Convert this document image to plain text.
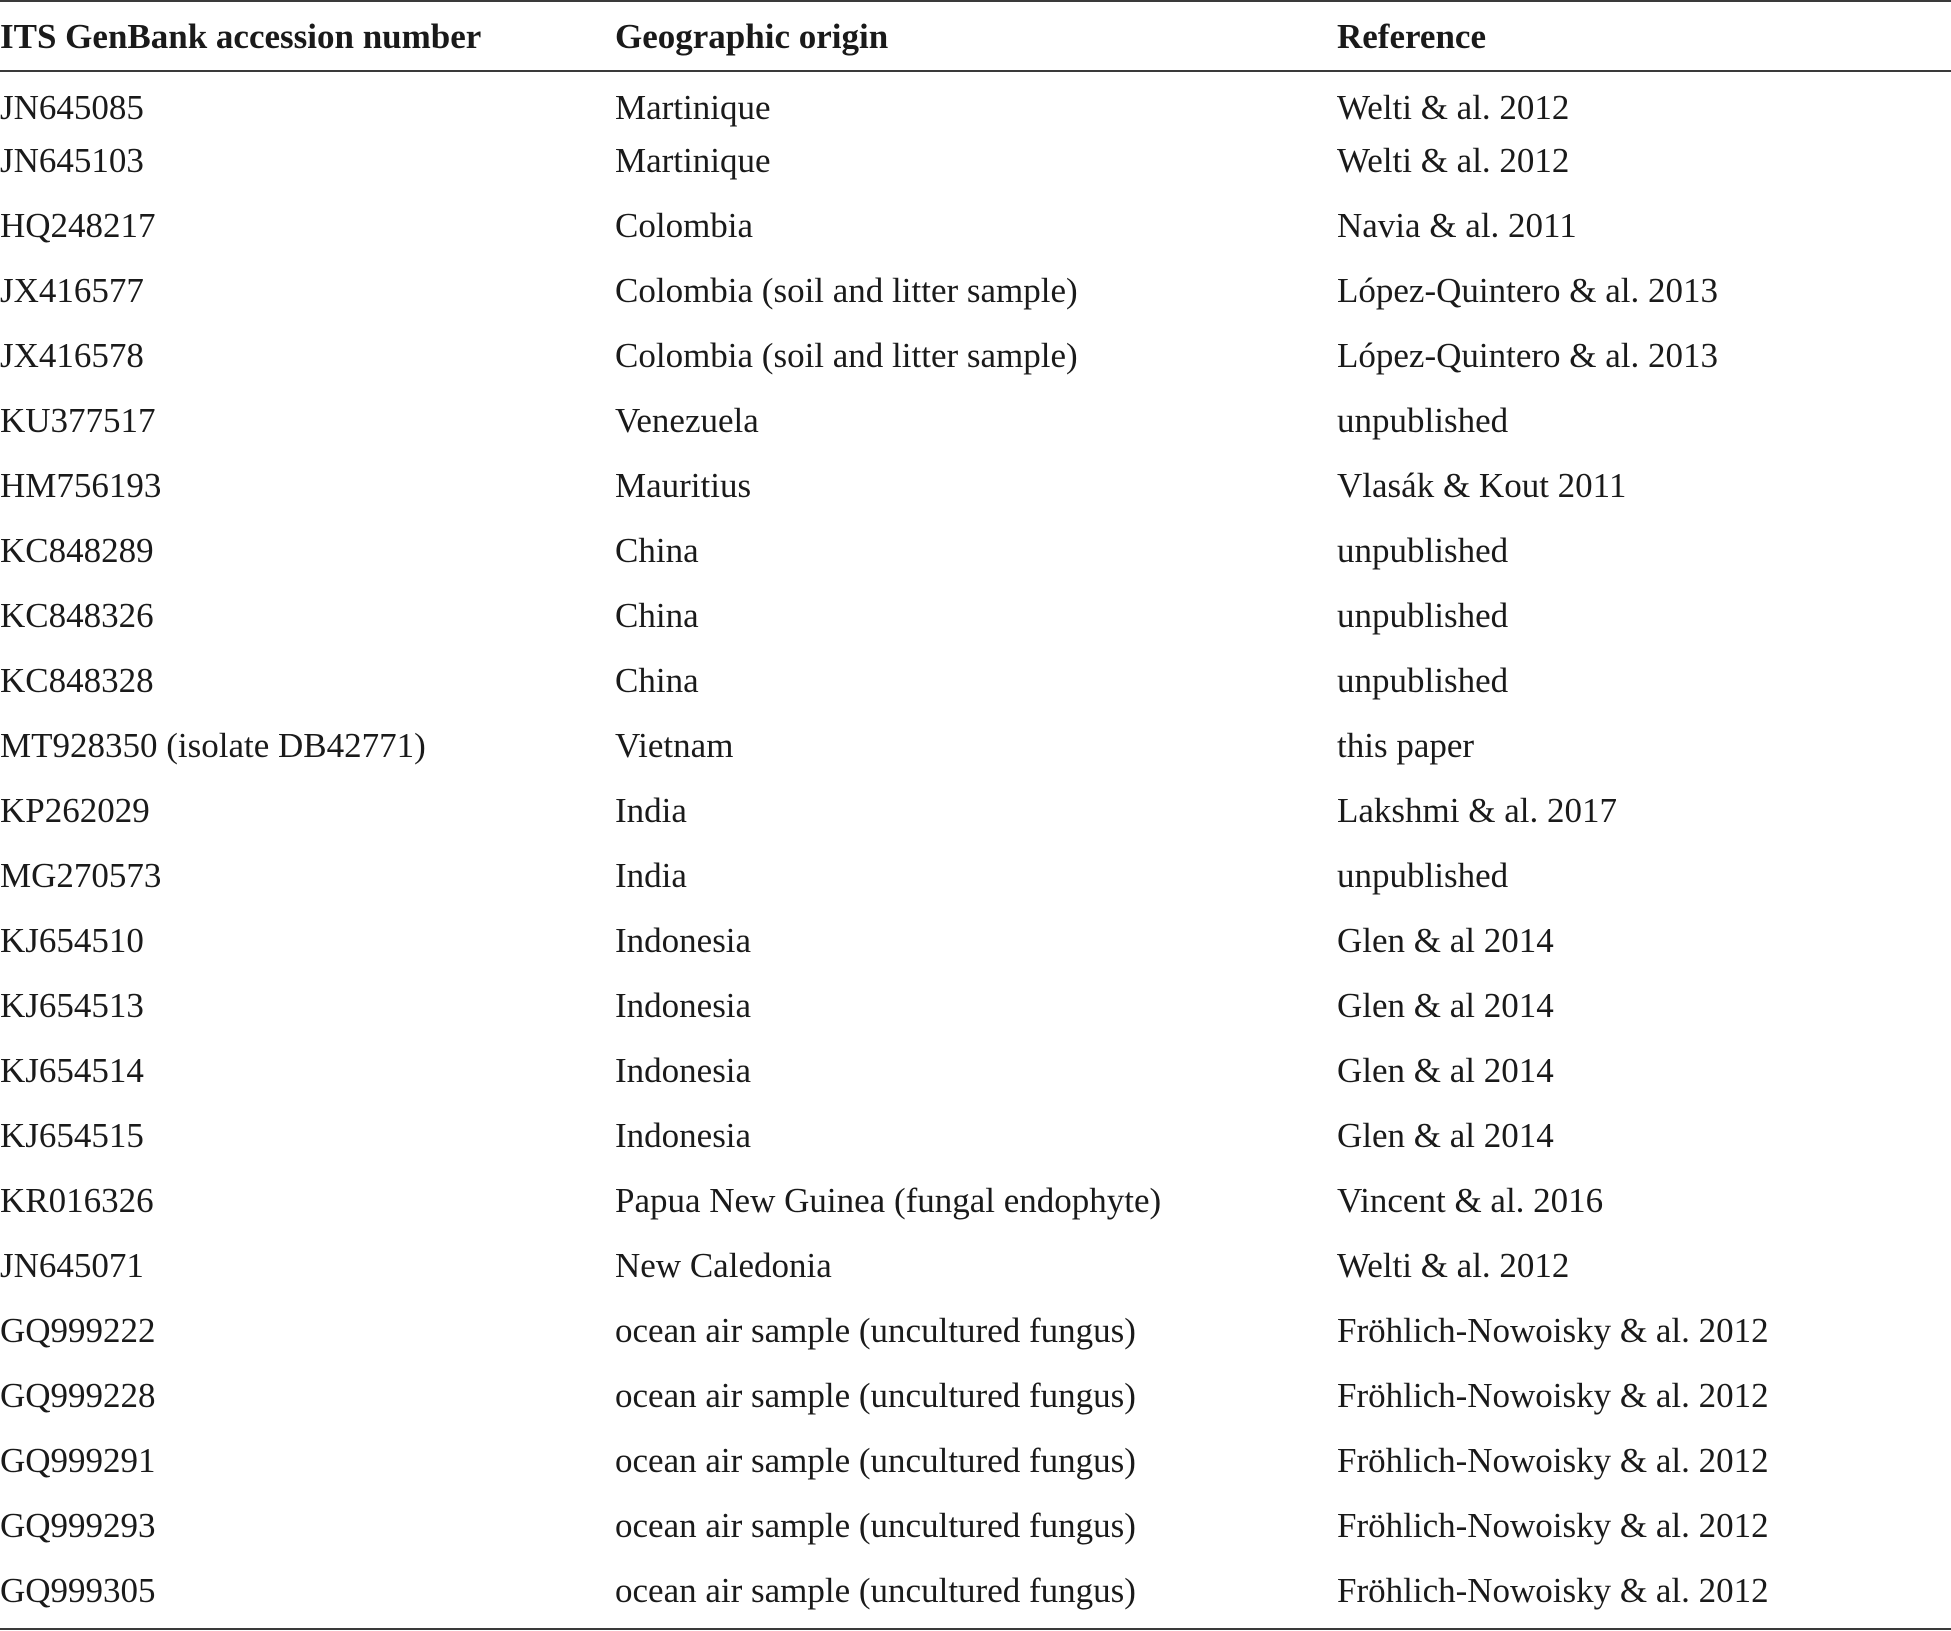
ITS GenBank accession number	Geographic origin	Reference
JN645085	Martinique	Welti & al. 2012
JN645103	Martinique	Welti & al. 2012
HQ248217	Colombia	Navia & al. 2011
JX416577	Colombia (soil and litter sample)	López-Quintero & al. 2013
JX416578	Colombia (soil and litter sample)	López-Quintero & al. 2013
KU377517	Venezuela	unpublished
HM756193	Mauritius	Vlasák & Kout 2011
KC848289	China	unpublished
KC848326	China	unpublished
KC848328	China	unpublished
MT928350 (isolate DB42771)	Vietnam	this paper
KP262029	India	Lakshmi & al. 2017
MG270573	India	unpublished
KJ654510	Indonesia	Glen & al 2014
KJ654513	Indonesia	Glen & al 2014
KJ654514	Indonesia	Glen & al 2014
KJ654515	Indonesia	Glen & al 2014
KR016326	Papua New Guinea (fungal endophyte)	Vincent & al. 2016
JN645071	New Caledonia	Welti & al. 2012
GQ999222	ocean air sample (uncultured fungus)	Fröhlich-Nowoisky & al. 2012
GQ999228	ocean air sample (uncultured fungus)	Fröhlich-Nowoisky & al. 2012
GQ999291	ocean air sample (uncultured fungus)	Fröhlich-Nowoisky & al. 2012
GQ999293	ocean air sample (uncultured fungus)	Fröhlich-Nowoisky & al. 2012
GQ999305	ocean air sample (uncultured fungus)	Fröhlich-Nowoisky & al. 2012
